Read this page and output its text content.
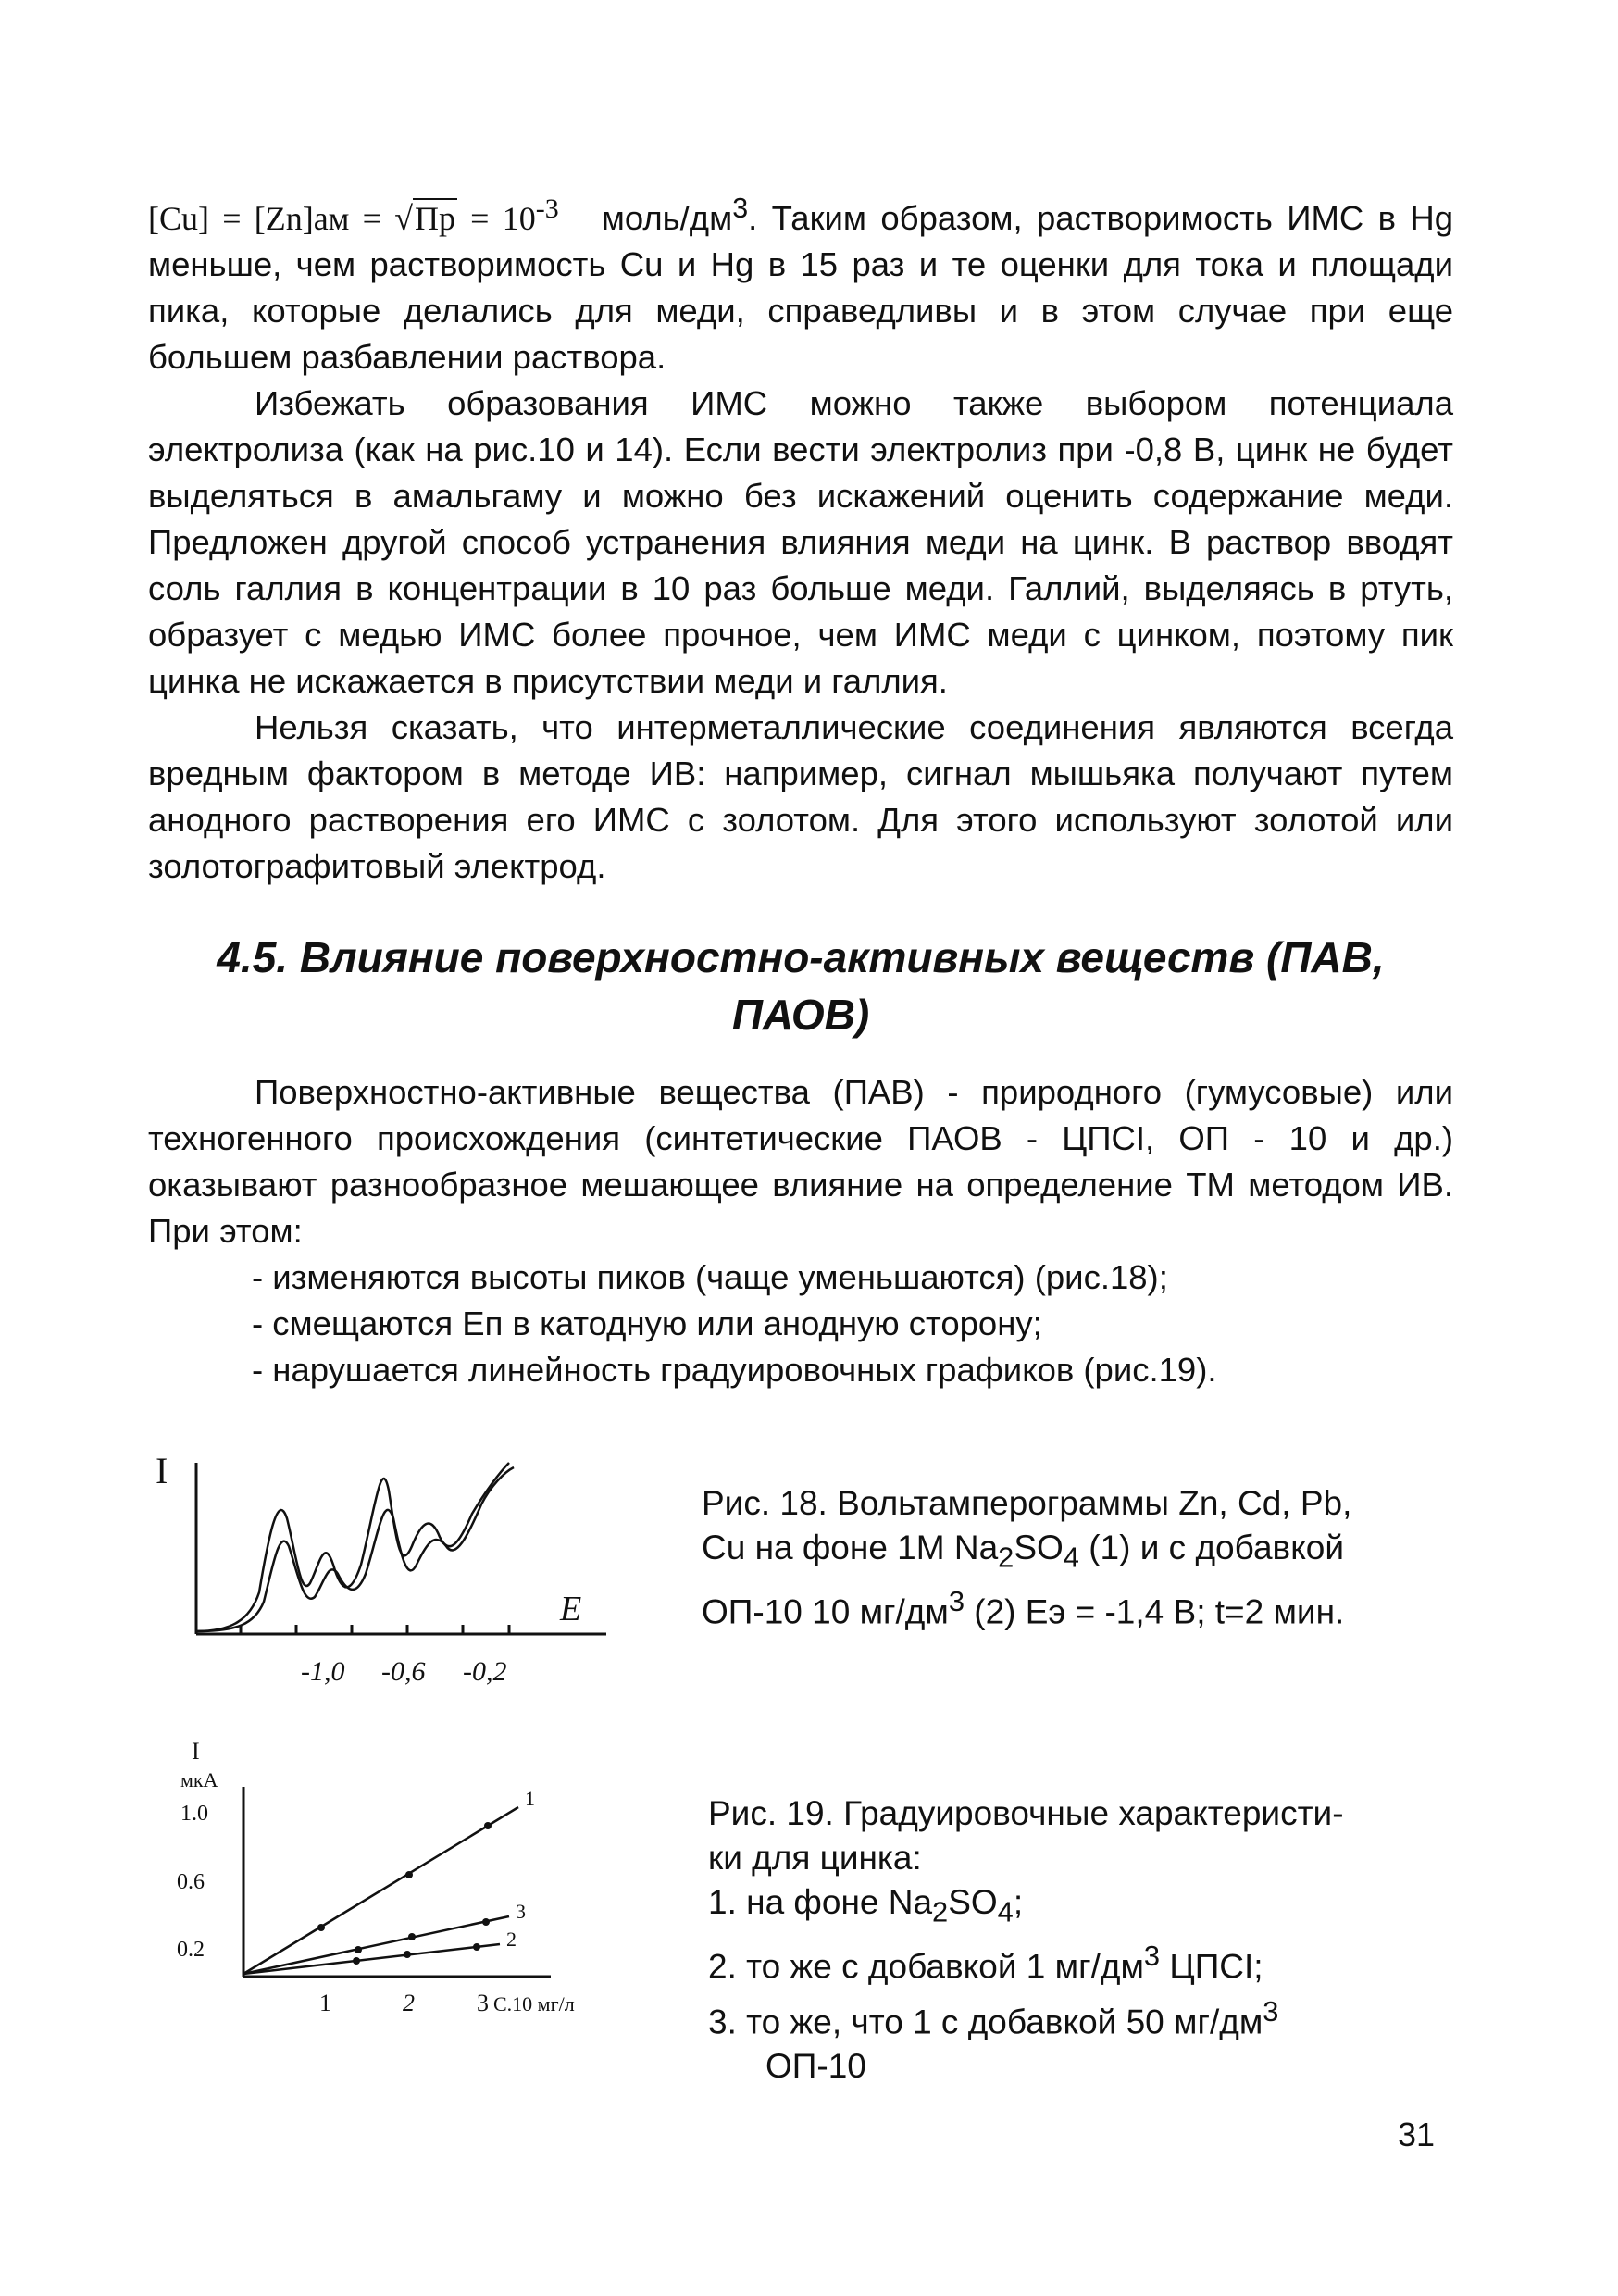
$[Cu] = [Zn]ам = √Пр = 10^{-3}$ моль/$дм^3$. Таким образом, растворимость ИМС в Hg меньше, чем растворимость Cu и Hg в 15 раз и те оценки для тока и площади пика, которые делались для меди, справедливы и в этом случае при еще большем разбавлении раствора.

Избежать образования ИМС можно также выбором потенциала электролиза (как на рис.10 и 14). Если вести электролиз при -0,8 В, цинк не будет выделяться в амальгаму и можно без искажений оценить содержание меди. Предложен другой способ устранения влияния меди на цинк. В раствор вводят соль галлия в концентрации в 10 раз больше меди. Галлий, выделяясь в ртуть, образует с медью ИМС более прочное, чем ИМС меди с цинком, поэтому пик цинка не искажается в присутствии меди и галлия.

Нельзя сказать, что интерметаллические соединения являются всегда вредным фактором в методе ИВ: например, сигнал мышьяка получают путем анодного растворения его ИМС с золотом. Для этого используют золотой или золотографитовый электрод.

4.5. Влияние поверхностно-активных веществ (ПАВ,
ПАОВ)

Поверхностно-активные вещества (ПАВ) - природного (гумусовые) или техногенного происхождения (синтетические ПАОВ - ЦПСI, ОП - 10 и др.) оказывают разнообразное мешающее влияние на определение ТМ методом ИВ. При этом:

- изменяются высоты пиков (чаще уменьшаются) (рис.18);
- смещаются Eп в катодную или анодную сторону;
- нарушается линейность градуировочных графиков (рис.19).
I
E
-1,0 -0,6 -0,2
Рис. 18. Вольтамперограммы Zn, Cd, Pb,
Cu на фоне 1M $Na_2SO_4$ (1) и с добавкой
ОП-10 10 $мг/дм^3$ (2) Eэ = -1,4 В; t=2 мин.
I
мкА
1.0
0.6
0.2
1
3
2
1	2	3 C.10 мг/л
Рис. 19. Градуировочные характеристи-
ки для цинка:
1. на фоне $Na_2SO_4$;
2. то же с добавкой 1 $мг/дм^3$ ЦПСI;
3. то же, что 1 с добавкой 50 $мг/дм^3$
ОП-10
31
